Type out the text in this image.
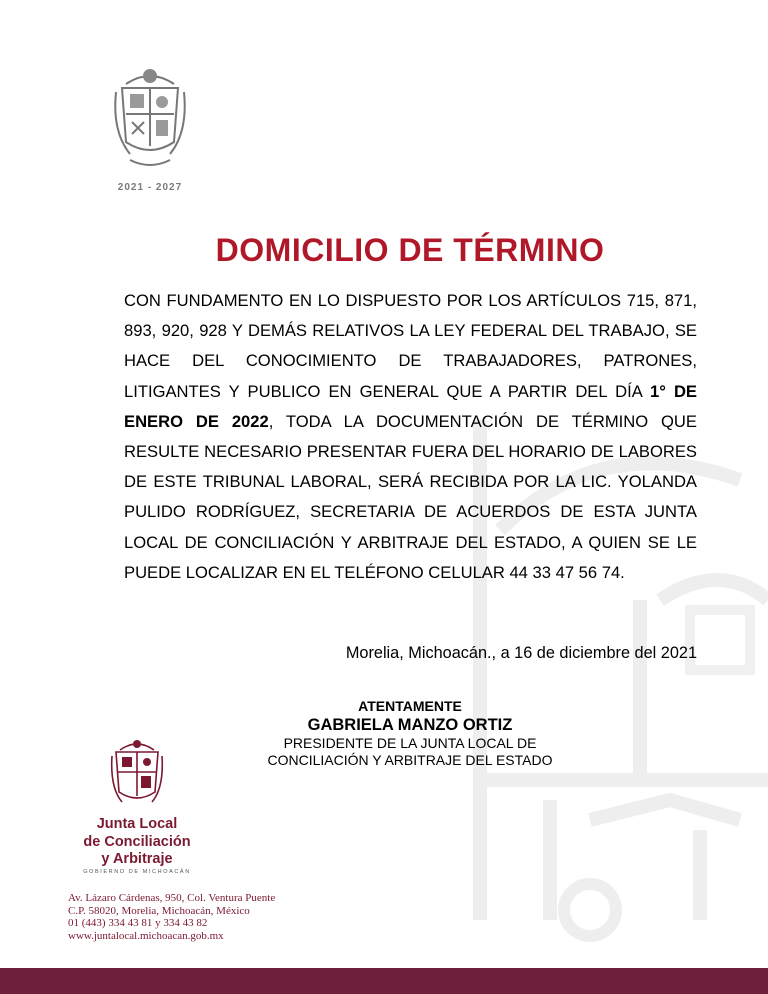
2021 - 2027
DOMICILIO DE TÉRMINO
CON FUNDAMENTO EN LO DISPUESTO POR LOS ARTÍCULOS 715, 871, 893, 920, 928 Y DEMÁS RELATIVOS LA LEY FEDERAL DEL TRABAJO, SE HACE DEL CONOCIMIENTO DE TRABAJADORES, PATRONES, LITIGANTES Y PUBLICO EN GENERAL QUE A PARTIR DEL DÍA 1° DE ENERO DE 2022, TODA LA DOCUMENTACIÓN DE TÉRMINO QUE RESULTE NECESARIO PRESENTAR FUERA DEL HORARIO DE LABORES DE ESTE TRIBUNAL LABORAL, SERÁ RECIBIDA POR LA LIC. YOLANDA PULIDO RODRÍGUEZ, SECRETARIA DE ACUERDOS DE ESTA JUNTA LOCAL DE CONCILIACIÓN Y ARBITRAJE DEL ESTADO, A QUIEN SE LE PUEDE LOCALIZAR EN EL TELÉFONO CELULAR 44 33 47 56 74.
Morelia, Michoacán., a 16 de diciembre del 2021
ATENTAMENTE
GABRIELA MANZO ORTIZ
PRESIDENTE DE LA JUNTA LOCAL DE
CONCILIACIÓN Y ARBITRAJE DEL ESTADO
Junta Local
de Conciliación
y Arbitraje
GOBIERNO DE MICHOACÁN
Av. Lázaro Cárdenas, 950, Col. Ventura Puente
C.P. 58020, Morelia, Michoacán, México
01 (443) 334 43 81 y 334 43 82
www.juntalocal.michoacan.gob.mx
